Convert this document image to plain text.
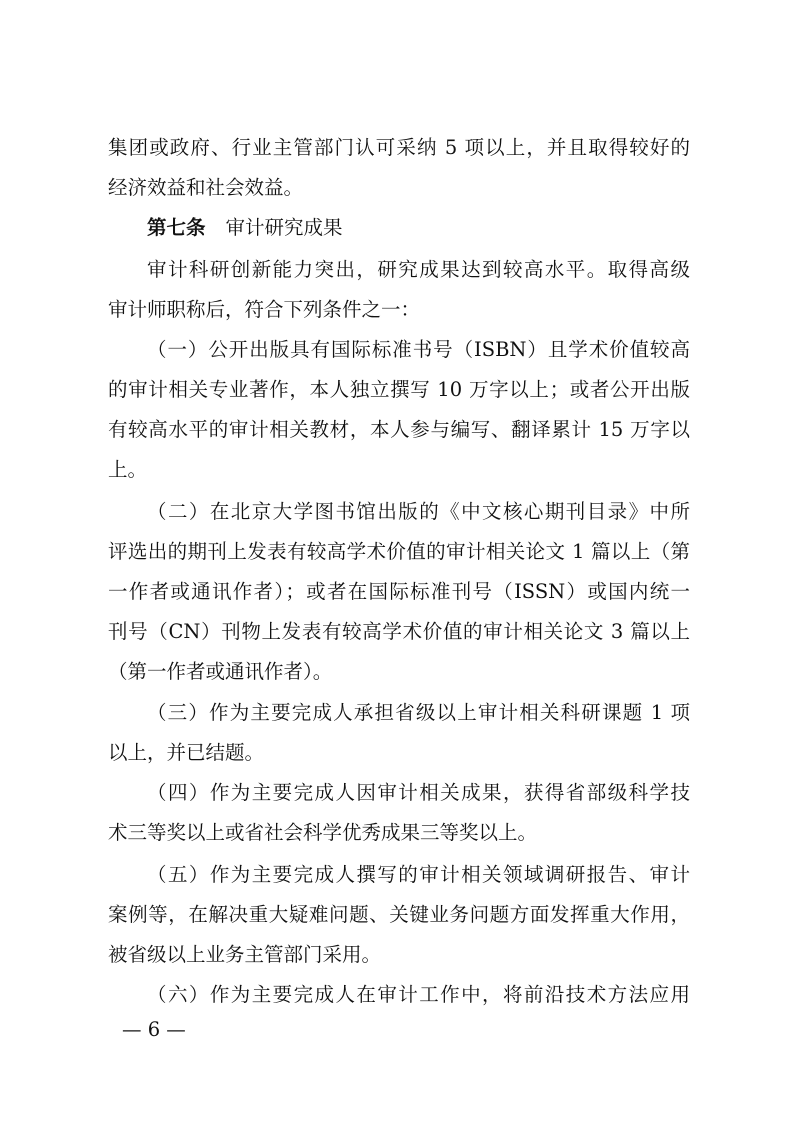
集团或政府、行业主管部门认可采纳 5 项以上，并且取得较好的
经济效益和社会效益。
第七条 审计研究成果
审计科研创新能力突出，研究成果达到较高水平。取得高级
审计师职称后，符合下列条件之一：
（一）公开出版具有国际标准书号（ISBN）且学术价值较高
的审计相关专业著作，本人独立撰写 10 万字以上；或者公开出版
有较高水平的审计相关教材，本人参与编写、翻译累计 15 万字以
上。
（二）在北京大学图书馆出版的《中文核心期刊目录》中所
评选出的期刊上发表有较高学术价值的审计相关论文 1 篇以上（第
一作者或通讯作者）；或者在国际标准刊号（ISSN）或国内统一
刊号（CN）刊物上发表有较高学术价值的审计相关论文 3 篇以上
（第一作者或通讯作者）。
（三）作为主要完成人承担省级以上审计相关科研课题 1 项
以上，并已结题。
（四）作为主要完成人因审计相关成果，获得省部级科学技
术三等奖以上或省社会科学优秀成果三等奖以上。
（五）作为主要完成人撰写的审计相关领域调研报告、审计
案例等，在解决重大疑难问题、关键业务问题方面发挥重大作用，
被省级以上业务主管部门采用。
（六）作为主要完成人在审计工作中，将前沿技术方法应用
— 6 —
